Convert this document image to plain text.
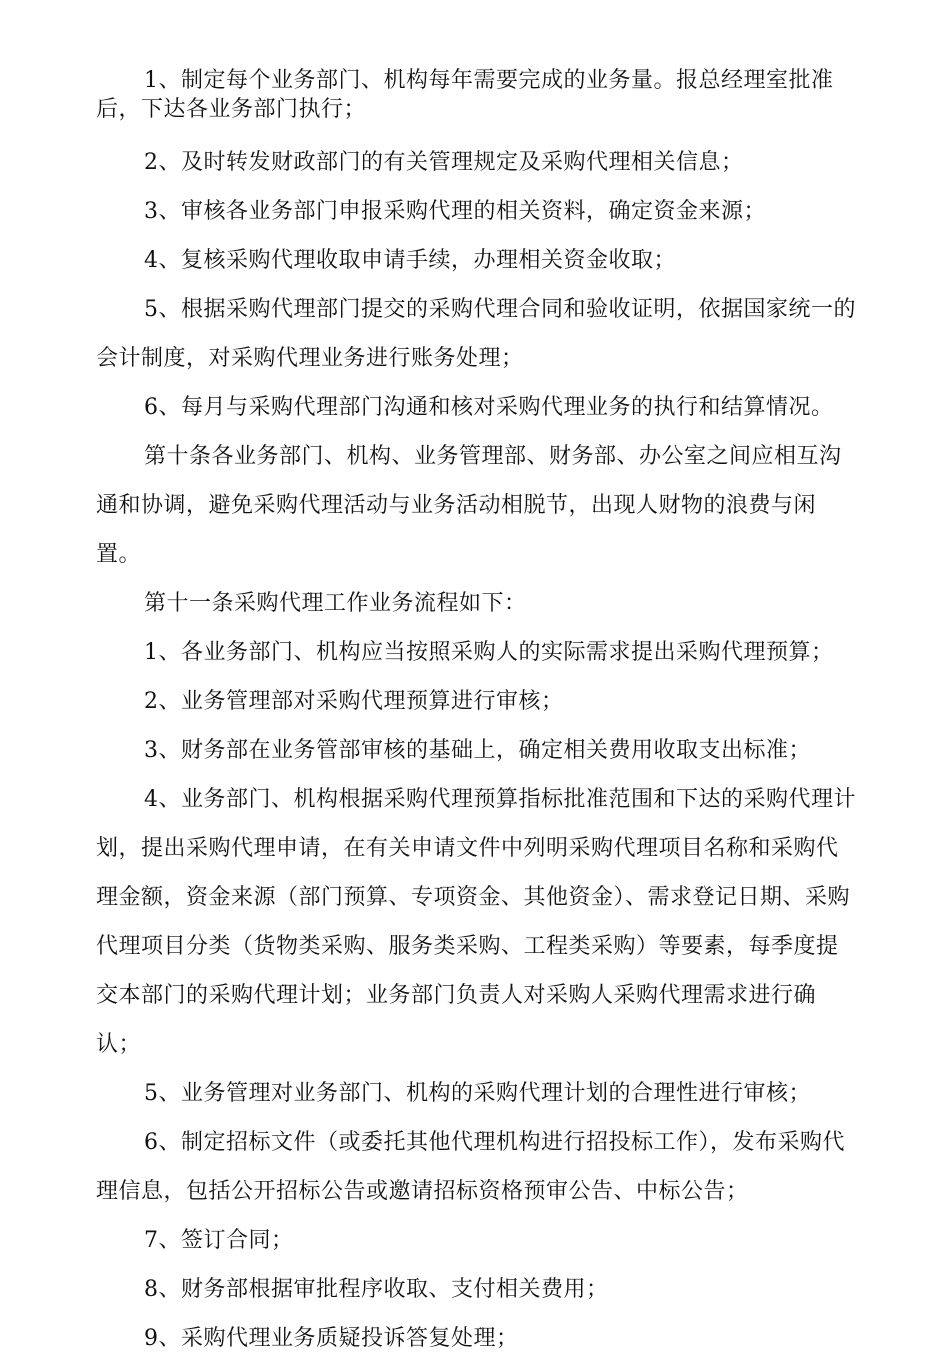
1、制定每个业务部门、机构每年需要完成的业务量。报总经理室批准后，下达各业务部门执行；

2、及时转发财政部门的有关管理规定及采购代理相关信息；

3、审核各业务部门申报采购代理的相关资料，确定资金来源；

4、复核采购代理收取申请手续，办理相关资金收取；

5、根据采购代理部门提交的采购代理合同和验收证明，依据国家统一的会计制度，对采购代理业务进行账务处理；

6、每月与采购代理部门沟通和核对采购代理业务的执行和结算情况。

第十条各业务部门、机构、业务管理部、财务部、办公室之间应相互沟通和协调，避免采购代理活动与业务活动相脱节，出现人财物的浪费与闲置。

第十一条采购代理工作业务流程如下：

1、各业务部门、机构应当按照采购人的实际需求提出采购代理预算；

2、业务管理部对采购代理预算进行审核；

3、财务部在业务管部审核的基础上，确定相关费用收取支出标准；

4、业务部门、机构根据采购代理预算指标批准范围和下达的采购代理计划，提出采购代理申请，在有关申请文件中列明采购代理项目名称和采购代理金额，资金来源（部门预算、专项资金、其他资金）、需求登记日期、采购代理项目分类（货物类采购、服务类采购、工程类采购）等要素，每季度提交本部门的采购代理计划；业务部门负责人对采购人采购代理需求进行确认；

5、业务管理对业务部门、机构的采购代理计划的合理性进行审核；

6、制定招标文件（或委托其他代理机构进行招投标工作），发布采购代理信息，包括公开招标公告或邀请招标资格预审公告、中标公告；

7、签订合同；

8、财务部根据审批程序收取、支付相关费用；

9、采购代理业务质疑投诉答复处理；
